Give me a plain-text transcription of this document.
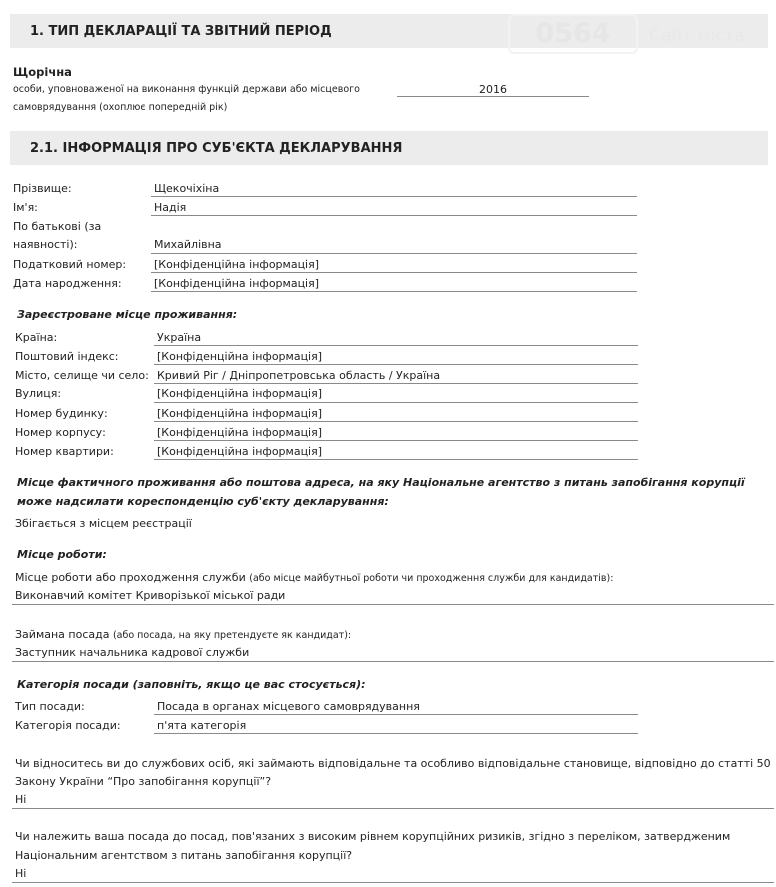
1. ТИП ДЕКЛАРАЦІЇ ТА ЗВІТНИЙ ПЕРІОД	0564	Сайт міста
Щорічна
особи, уповноваженої на виконання функцій держави або місцевого
самоврядування (охоплює попередній рік)
2016
2.1. ІНФОРМАЦІЯ ПРО СУБ'ЄКТА ДЕКЛАРУВАННЯ
Прізвище:	Щекочіхіна
Ім'я:	Надія
По батькові (за
наявності):	Михайлівна
Податковий номер:	[Конфіденційна інформація]
Дата народження:	[Конфіденційна інформація]
Зареєстроване місце проживання:
Країна:	Україна
Поштовий індекс:	[Конфіденційна інформація]
Місто, селище чи село: Кривий Ріг / Дніпропетровська область / Україна
Вулиця:	[Конфіденційна інформація]
Номер будинку:	[Конфіденційна інформація]
Номер корпусу:	[Конфіденційна інформація]
Номер квартири:	[Конфіденційна інформація]
Місце фактичного проживання або поштова адреса, на яку Національне агентство з питань запобігання корупції
може надсилати кореспонденцію суб'єкту декларування:
Збігається з місцем реєстрації
Місце роботи:
Місце роботи або проходження служби (або місце майбутньої роботи чи проходження служби для кандидатів):
Виконавчий комітет Криворізької міської ради
Займана посада (або посада, на яку претендуєте як кандидат):
Заступник начальника кадрової служби
Категорія посади (заповніть, якщо це вас стосується):
Тип посади:	Посада в органах місцевого самоврядування
Категорія посади:	п'ята категорія
Чи відноситесь ви до службових осіб, які займають відповідальне та особливо відповідальне становище, відповідно до статті 50
Закону України “Про запобігання корупції”?
Ні
Чи належить ваша посада до посад, пов'язаних з високим рівнем корупційних ризиків, згідно з переліком, затвердженим
Національним агентством з питань запобігання корупції?
Ні
